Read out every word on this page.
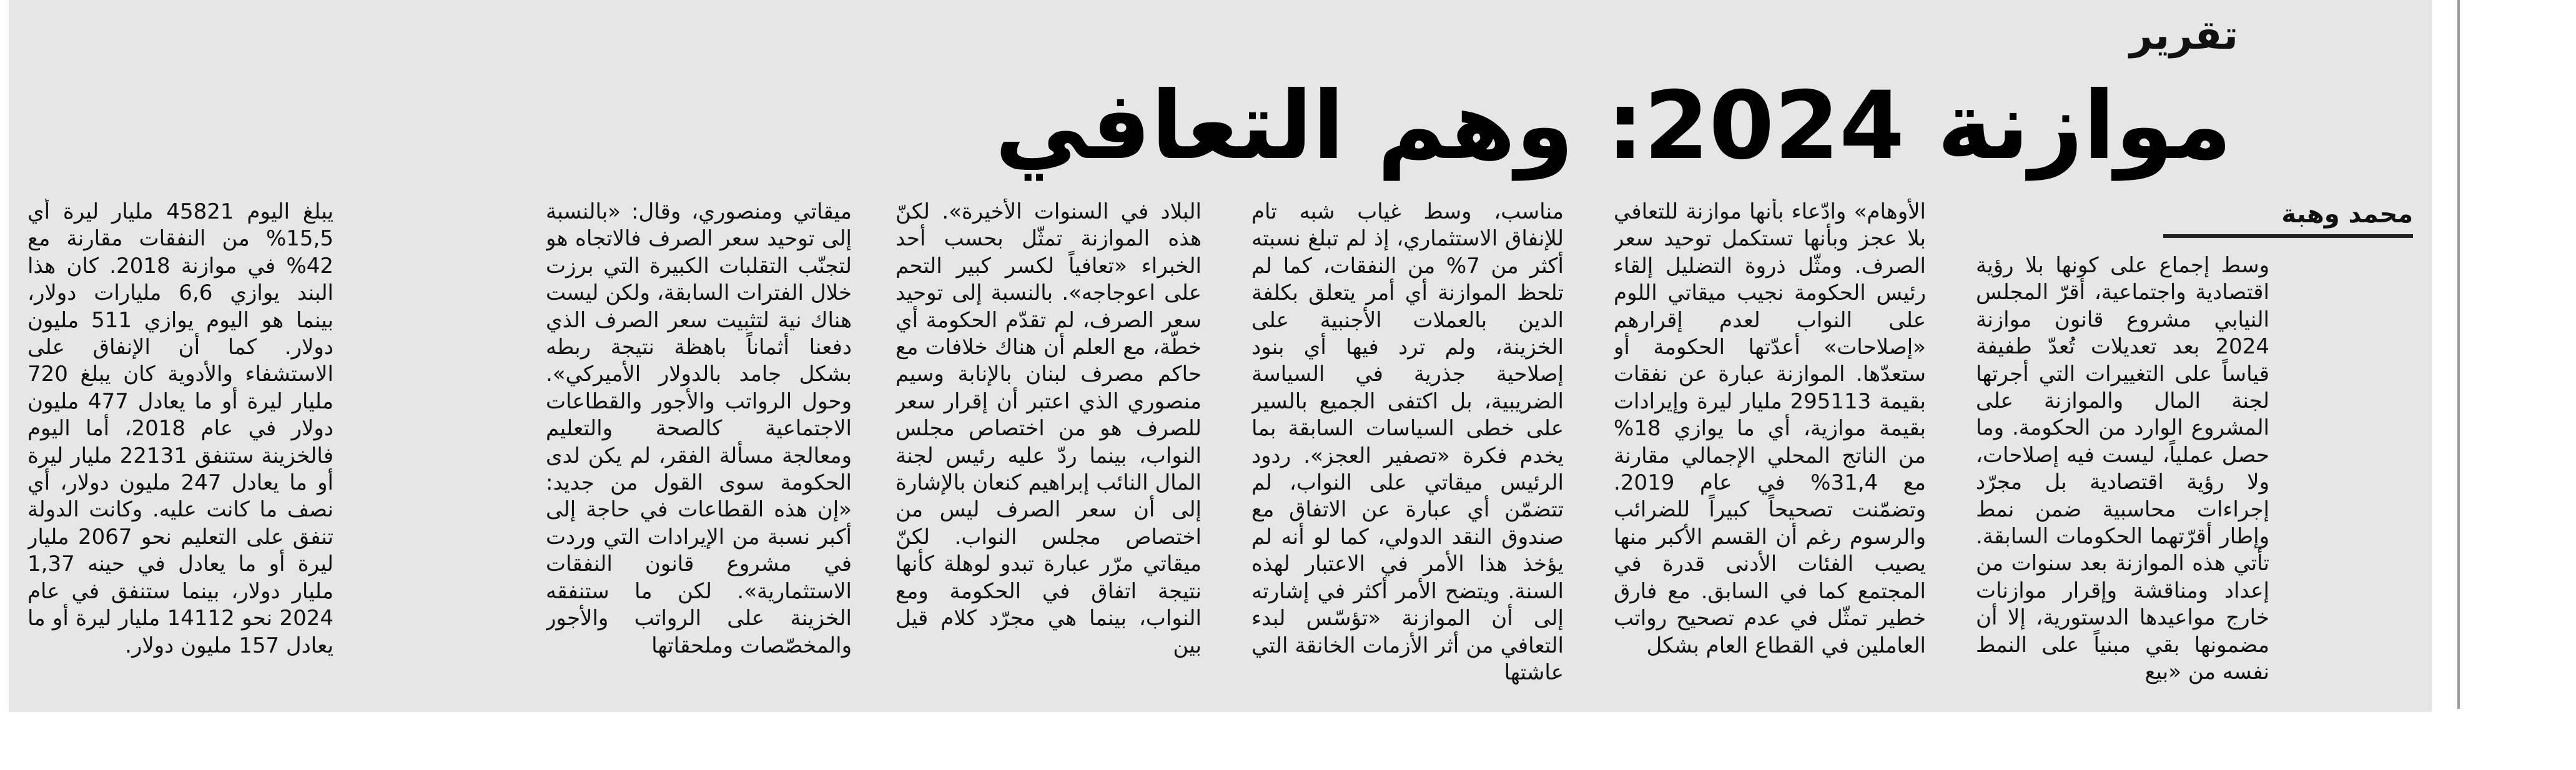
تقرير
موازنة 2024: وهم التعافي
محمد وهبة

وسط إجماع على كونها بلا رؤية اقتصادية واجتماعية، أقرّ المجلس النيابي مشروع قانون موازنة 2024 بعد تعديلات تُعدّ طفيفة قياساً على التغييرات التي أجرتها لجنة المال والموازنة على المشروع الوارد من الحكومة. وما حصل عملياً، ليست فيه إصلاحات، ولا رؤية اقتصادية بل مجرّد إجراءات محاسبية ضمن نمط وإطار أقرّتهما الحكومات السابقة. تأتي هذه الموازنة بعد سنوات من إعداد ومناقشة وإقرار موازنات خارج مواعيدها الدستورية، إلا أن مضمونها بقي مبنياً على النمط نفسه من «بيع

الأوهام» وادّعاء بأنها موازنة للتعافي بلا عجز وبأنها تستكمل توحيد سعر الصرف. ومثّل ذروة التضليل إلقاء رئيس الحكومة نجيب ميقاتي اللوم على النواب لعدم إقرارهم «إصلاحات» أعدّتها الحكومة أو ستعدّها. الموازنة عبارة عن نفقات بقيمة 295113 مليار ليرة وإيرادات بقيمة موازية، أي ما يوازي 18% من الناتج المحلي الإجمالي مقارنة مع 31,4% في عام 2019. وتضمّنت تصحيحاً كبيراً للضرائب والرسوم رغم أن القسم الأكبر منها يصيب الفئات الأدنى قدرة في المجتمع كما في السابق. مع فارق خطير تمثّل في عدم تصحيح رواتب العاملين في القطاع العام بشكل

مناسب، وسط غياب شبه تام للإنفاق الاستثماري، إذ لم تبلغ نسبته أكثر من 7% من النفقات، كما لم تلحظ الموازنة أي أمر يتعلق بكلفة الدين بالعملات الأجنبية على الخزينة، ولم ترد فيها أي بنود إصلاحية جذرية في السياسة الضريبية، بل اكتفى الجميع بالسير على خطى السياسات السابقة بما يخدم فكرة «تصفير العجز». ردود الرئيس ميقاتي على النواب، لم تتضمّن أي عبارة عن الاتفاق مع صندوق النقد الدولي، كما لو أنه لم يؤخذ هذا الأمر في الاعتبار لهذه السنة. ويتضح الأمر أكثر في إشارته إلى أن الموازنة «تؤسّس لبدء التعافي من أثر الأزمات الخانقة التي عاشتها

البلاد في السنوات الأخيرة». لكنّ هذه الموازنة تمثّل بحسب أحد الخبراء «تعافياً لكسر كبير التحم على اعوجاجه». بالنسبة إلى توحيد سعر الصرف، لم تقدّم الحكومة أي خطّة، مع العلم أن هناك خلافات مع حاكم مصرف لبنان بالإنابة وسيم منصوري الذي اعتبر أن إقرار سعر للصرف هو من اختصاص مجلس النواب، بينما ردّ عليه رئيس لجنة المال النائب إبراهيم كنعان بالإشارة إلى أن سعر الصرف ليس من اختصاص مجلس النواب. لكنّ ميقاتي مرّر عبارة تبدو لوهلة كأنها نتيجة اتفاق في الحكومة ومع النواب، بينما هي مجرّد كلام قيل بين

ميقاتي ومنصوري، وقال: «بالنسبة إلى توحيد سعر الصرف فالاتجاه هو لتجنّب التقلبات الكبيرة التي برزت خلال الفترات السابقة، ولكن ليست هناك نية لتثبيت سعر الصرف الذي دفعنا أثماناً باهظة نتيجة ربطه بشكل جامد بالدولار الأميركي». وحول الرواتب والأجور والقطاعات الاجتماعية كالصحة والتعليم ومعالجة مسألة الفقر، لم يكن لدى الحكومة سوى القول من جديد: «إن هذه القطاعات في حاجة إلى أكبر نسبة من الإيرادات التي وردت في مشروع قانون النفقات الاستثمارية». لكن ما ستنفقه الخزينة على الرواتب والأجور والمخصّصات وملحقاتها

يبلغ اليوم 45821 مليار ليرة أي 15,5% من النفقات مقارنة مع 42% في موازنة 2018. كان هذا البند يوازي 6,6 مليارات دولار، بينما هو اليوم يوازي 511 مليون دولار. كما أن الإنفاق على الاستشفاء والأدوية كان يبلغ 720 مليار ليرة أو ما يعادل 477 مليون دولار في عام 2018، أما اليوم فالخزينة ستنفق 22131 مليار ليرة أو ما يعادل 247 مليون دولار، أي نصف ما كانت عليه. وكانت الدولة تنفق على التعليم نحو 2067 مليار ليرة أو ما يعادل في حينه 1,37 مليار دولار، بينما ستنفق في عام 2024 نحو 14112 مليار ليرة أو ما يعادل 157 مليون دولار.
